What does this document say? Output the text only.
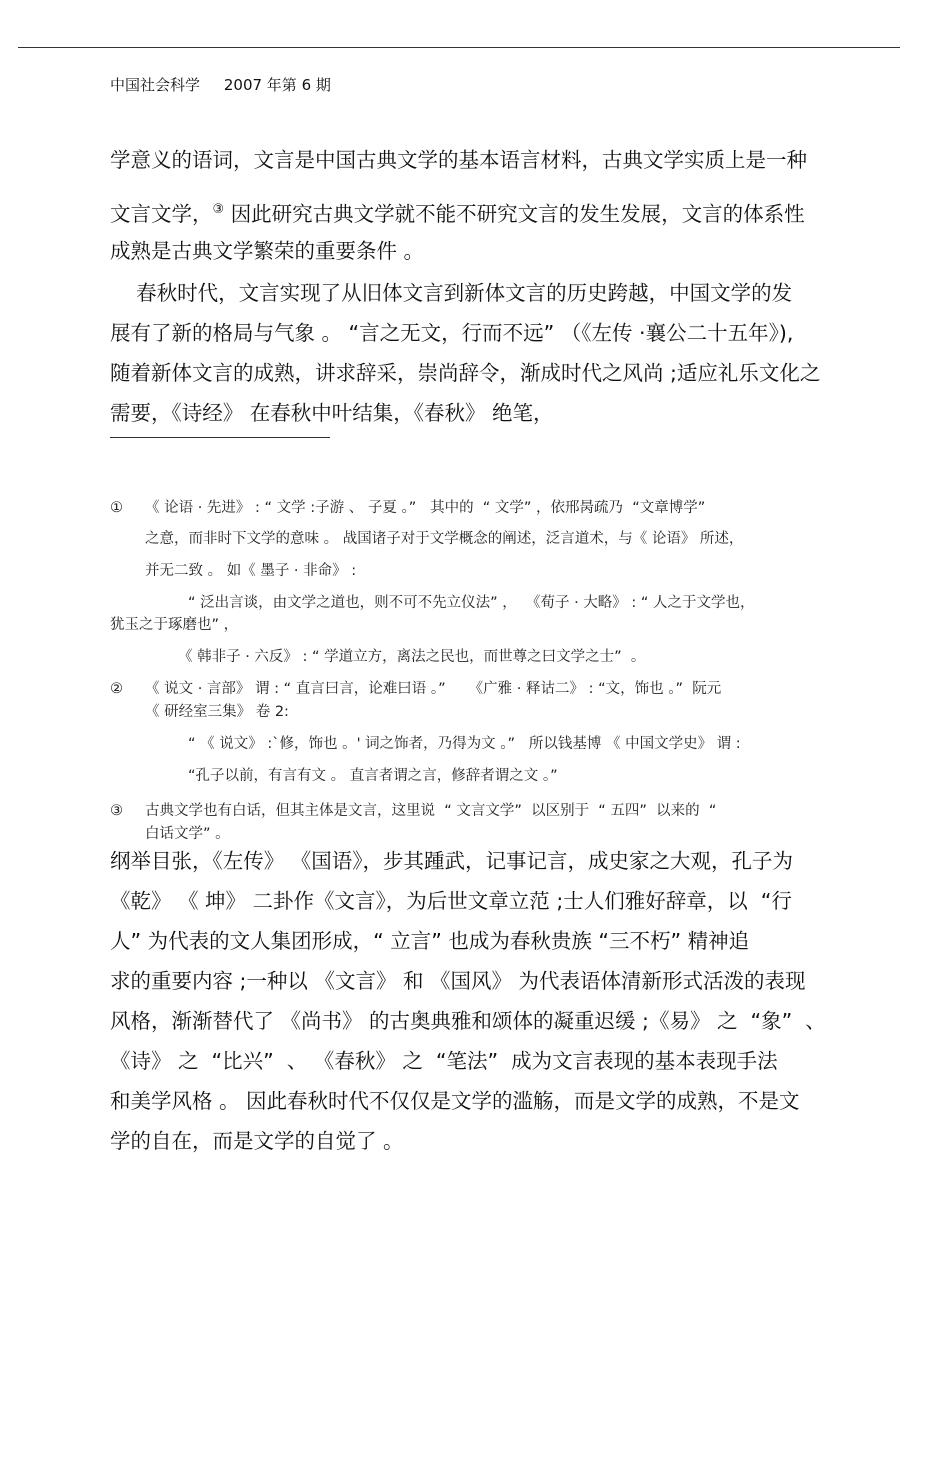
中国社会科学 2007 年第 6 期
学意义的语词，文言是中国古典文学的基本语言材料，古典文学实质上是一种
文言文学，③ 因此研究古典文学就不能不研究文言的发生发展，文言的体系性
成熟是古典文学繁荣的重要条件 。
春秋时代，文言实现了从旧体文言到新体文言的历史跨越，中国文学的发
展有了新的格局与气象 。 “言之无文，行而不远” （《左传 ·襄公二十五年》),
随着新体文言的成熟，讲求辞采，崇尚辞令，渐成时代之风尚 ;适应礼乐文化之
需要，《诗经》 在春秋中叶结集，《春秋》 绝笔，
① 《 论语 · 先进》 : “ 文学 :子游 、 子夏 。”   其中的  “ 文学” ，依邢昺疏乃  “文章博学”
之意，而非时下文学的意味 。 战国诸子对于文学概念的阐述，泛言道术，与《 论语》 所述，
并无二致 。 如《 墨子 · 非命》 :
“ 泛出言谈，由文学之道也，则不可不先立仪法” ，  《荀子 · 大略》 : “ 人之于文学也，
犹玉之于琢磨也” ，
《 韩非子 · 六反》 : “ 学道立方，离法之民也，而世尊之曰文学之士”  。
② 《 说文 · 言部》 谓 : “ 直言曰言，论难曰语 。”     《广雅 · 释诂二》 : “文，饰也 。”  阮元
《 研经室三集》 卷 2:
“ 《 说文》 :`修，饰也 。' 词之饰者，乃得为文 。”   所以钱基博 《 中国文学史》 谓 :
“孔子以前，有言有文 。 直言者谓之言，修辞者谓之文 。”
③ 古典文学也有白话，但其主体是文言，这里说  “ 文言文学”  以区别于  “ 五四”  以来的  “
白话文学” 。
纲举目张，《左传》 《国语》，步其踵武，记事记言，成史家之大观，孔子为
《乾》 《 坤》 二卦作《文言》，为后世文章立范 ;士人们雅好辞章，以  “行
人” 为代表的文人集团形成，“ 立言” 也成为春秋贵族 “三不朽” 精神追
求的重要内容 ;一种以 《文言》 和 《国风》 为代表语体清新形式活泼的表现
风格，渐渐替代了 《尚书》 的古奥典雅和颂体的凝重迟缓 ;《易》 之  “象”  、
《诗》 之  “比兴”  、 《春秋》 之  “笔法”  成为文言表现的基本表现手法
和美学风格 。 因此春秋时代不仅仅是文学的滥觞，而是文学的成熟，不是文
学的自在，而是文学的自觉了 。
